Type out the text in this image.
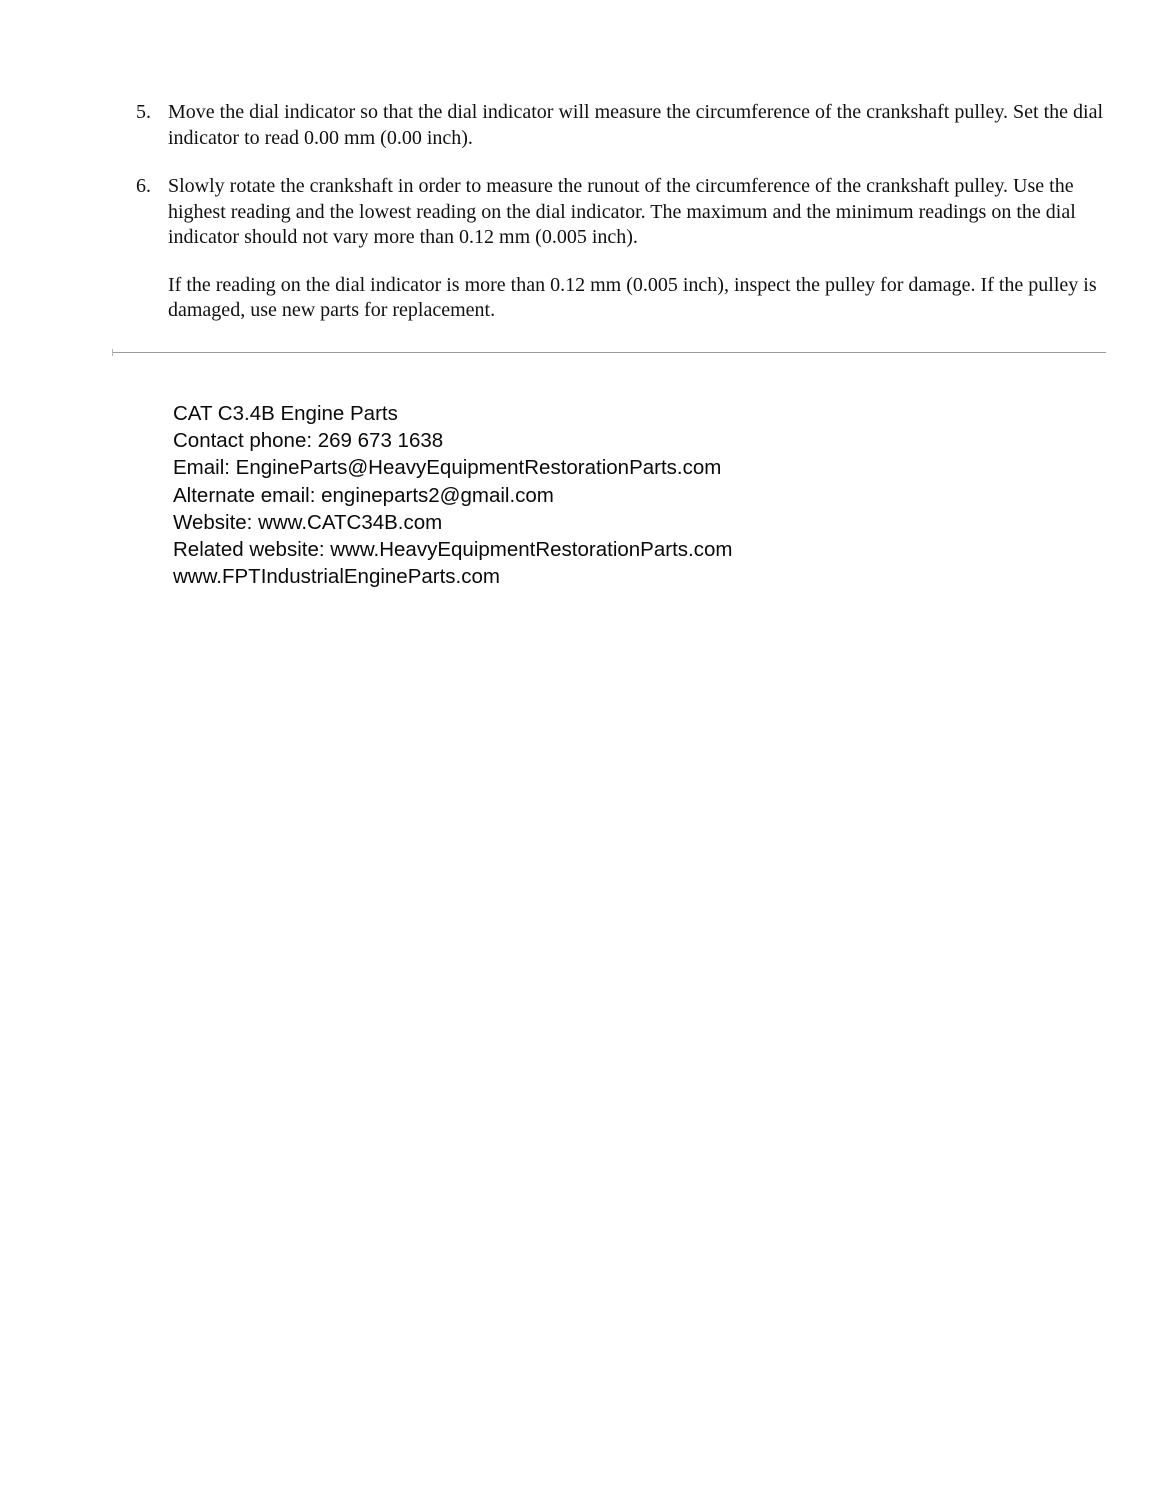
5. Move the dial indicator so that the dial indicator will measure the circumference of the crankshaft pulley. Set the dial indicator to read 0.00 mm (0.00 inch).

6. Slowly rotate the crankshaft in order to measure the runout of the circumference of the crankshaft pulley. Use the highest reading and the lowest reading on the dial indicator. The maximum and the minimum readings on the dial indicator should not vary more than 0.12 mm (0.005 inch).

If the reading on the dial indicator is more than 0.12 mm (0.005 inch), inspect the pulley for damage. If the pulley is damaged, use new parts for replacement.

CAT C3.4B Engine Parts
Contact phone: 269 673 1638
Email: EngineParts@HeavyEquipmentRestorationParts.com
Alternate email: engineparts2@gmail.com
Website: www.CATC34B.com
Related website: www.HeavyEquipmentRestorationParts.com
www.FPTIndustrialEngineParts.com
